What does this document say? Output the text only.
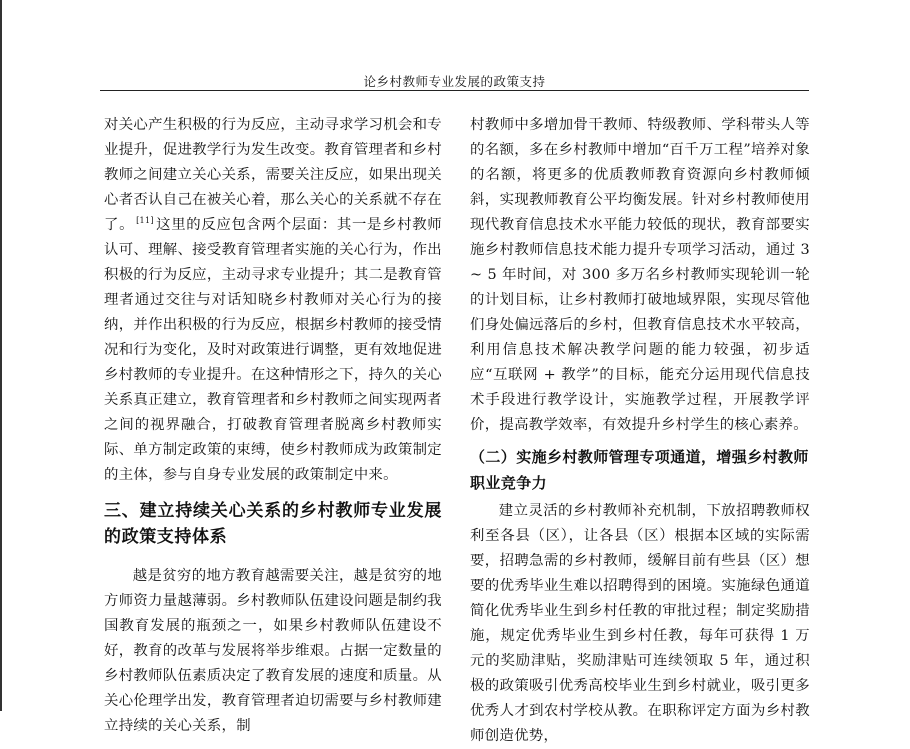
论乡村教师专业发展的政策支持

对关心产生积极的行为反应，主动寻求学习机会和专业提升，促进教学行为发生改变。教育管理者和乡村教师之间建立关心关系，需要关注反应，如果出现关心者否认自己在被关心着，那么关心的关系就不存在了。 [11] 这里的反应包含两个层面：其一是乡村教师认可、理解、接受教育管理者实施的关心行为，作出积极的行为反应，主动寻求专业提升；其二是教育管理者通过交往与对话知晓乡村教师对关心行为的接纳，并作出积极的行为反应，根据乡村教师的接受情况和行为变化，及时对政策进行调整，更有效地促进乡村教师的专业提升。在这种情形之下，持久的关心关系真正建立，教育管理者和乡村教师之间实现两者之间的视界融合，打破教育管理者脱离乡村教师实际、单方制定政策的束缚，使乡村教师成为政策制定的主体，参与自身专业发展的政策制定中来。

三、建立持续关心关系的乡村教师专业发展的政策支持体系

越是贫穷的地方教育越需要关注，越是贫穷的地方师资力量越薄弱。乡村教师队伍建设问题是制约我国教育发展的瓶颈之一，如果乡村教师队伍建设不好，教育的改革与发展将举步维艰。占据一定数量的乡村教师队伍素质决定了教育发展的速度和质量。从关心伦理学出发，教育管理者迫切需要与乡村教师建立持续的关心关系，制

村教师中多增加骨干教师、特级教师、学科带头人等的名额，多在乡村教师中增加“百千万工程”培养对象的名额，将更多的优质教师教育资源向乡村教师倾斜，实现教师教育公平均衡发展。针对乡村教师使用现代教育信息技术水平能力较低的现状，教育部要实施乡村教师信息技术能力提升专项学习活动，通过 3 ~ 5 年时间，对 300 多万名乡村教师实现轮训一轮的计划目标，让乡村教师打破地域界限，实现尽管他们身处偏远落后的乡村，但教育信息技术水平较高，利用信息技术解决教学问题的能力较强，初步适应“互联网 + 教学”的目标，能充分运用现代信息技术手段进行教学设计，实施教学过程，开展教学评价，提高教学效率，有效提升乡村学生的核心素养。

（二）实施乡村教师管理专项通道，增强乡村教师职业竞争力

建立灵活的乡村教师补充机制，下放招聘教师权利至各县（区），让各县（区）根据本区域的实际需要，招聘急需的乡村教师，缓解目前有些县（区）想要的优秀毕业生难以招聘得到的困境。实施绿色通道简化优秀毕业生到乡村任教的审批过程；制定奖励措施，规定优秀毕业生到乡村任教，每年可获得 1 万元的奖励津贴，奖励津贴可连续领取 5 年，通过积极的政策吸引优秀高校毕业生到乡村就业，吸引更多优秀人才到农村学校从教。在职称评定方面为乡村教师创造优势，
